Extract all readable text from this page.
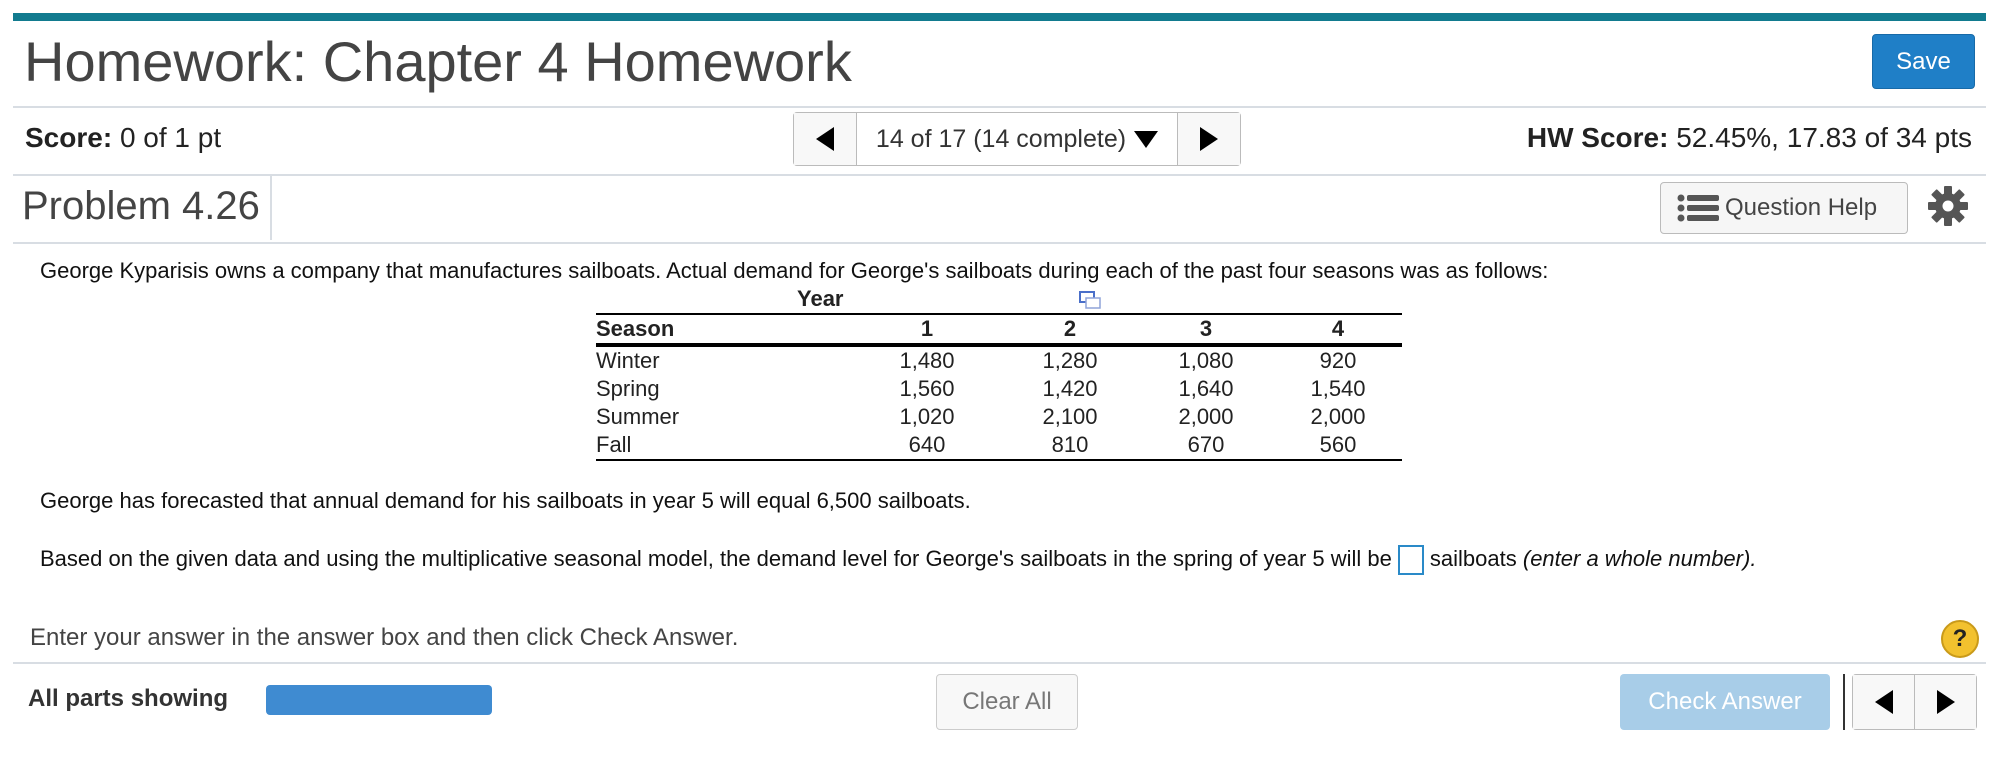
Homework: Chapter 4 Homework	Save
Score: 0 of 1 pt	14 of 17 (14 complete)	HW Score: 52.45%, 17.83 of 34 pts
Problem 4.26	Question Help
George Kyparisis owns a company that manufactures sailboats. Actual demand for George's sailboats during each of the past four seasons was as follows:
Year
Season		1	2	3	4
Winter		1,480	1,280	1,080	920
Spring		1,560	1,420	1,640	1,540
Summer		1,020	2,100	2,000	2,000
Fall		640	810	670	560
George has forecasted that annual demand for his sailboats in year 5 will equal 6,500 sailboats.
Based on the given data and using the multiplicative seasonal model, the demand level for George's sailboats in the spring of year 5 will be sailboats (enter a whole number).
Enter your answer in the answer box and then click Check Answer.	?
All parts showing	Clear All	Check Answer
